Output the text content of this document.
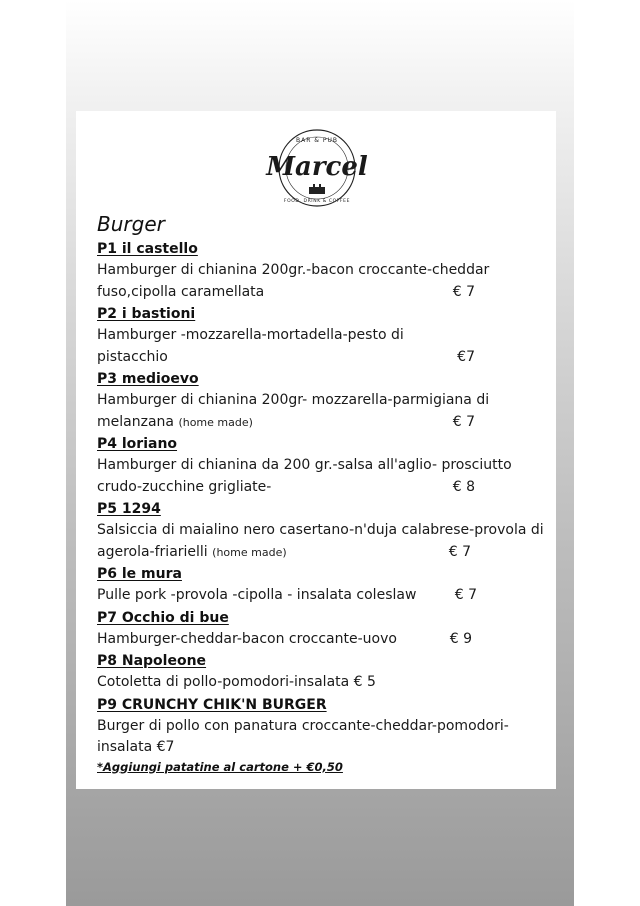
BAR & PUB
Marcel
FOOD, DRINK & COFFEE
Burger
P1 il castello
Hamburger di chianina 200gr.-bacon croccante-cheddar fuso,cipolla caramellata	€ 7
P2 i bastioni
Hamburger -mozzarella-mortadella-pesto di pistacchio	€7
P3 medioevo
Hamburger di chianina 200gr- mozzarella-parmigiana di melanzana (home made)	€ 7
P4 loriano
Hamburger di chianina da 200 gr.-salsa all'aglio- prosciutto crudo-zucchine grigliate-	€ 8
P5 1294
Salsiccia di maialino nero casertano-n'duja calabrese-provola di agerola-friarielli (home made)	€ 7
P6 le mura
Pulle pork -provola -cipolla - insalata coleslaw	€ 7
P7 Occhio di bue
Hamburger-cheddar-bacon croccante-uovo	€ 9
P8 Napoleone
Cotoletta di pollo-pomodori-insalata € 5
P9 CRUNCHY CHIK'N BURGER
Burger di pollo con panatura croccante-cheddar-pomodori-insalata €7
*Aggiungi patatine al cartone + €0,50
